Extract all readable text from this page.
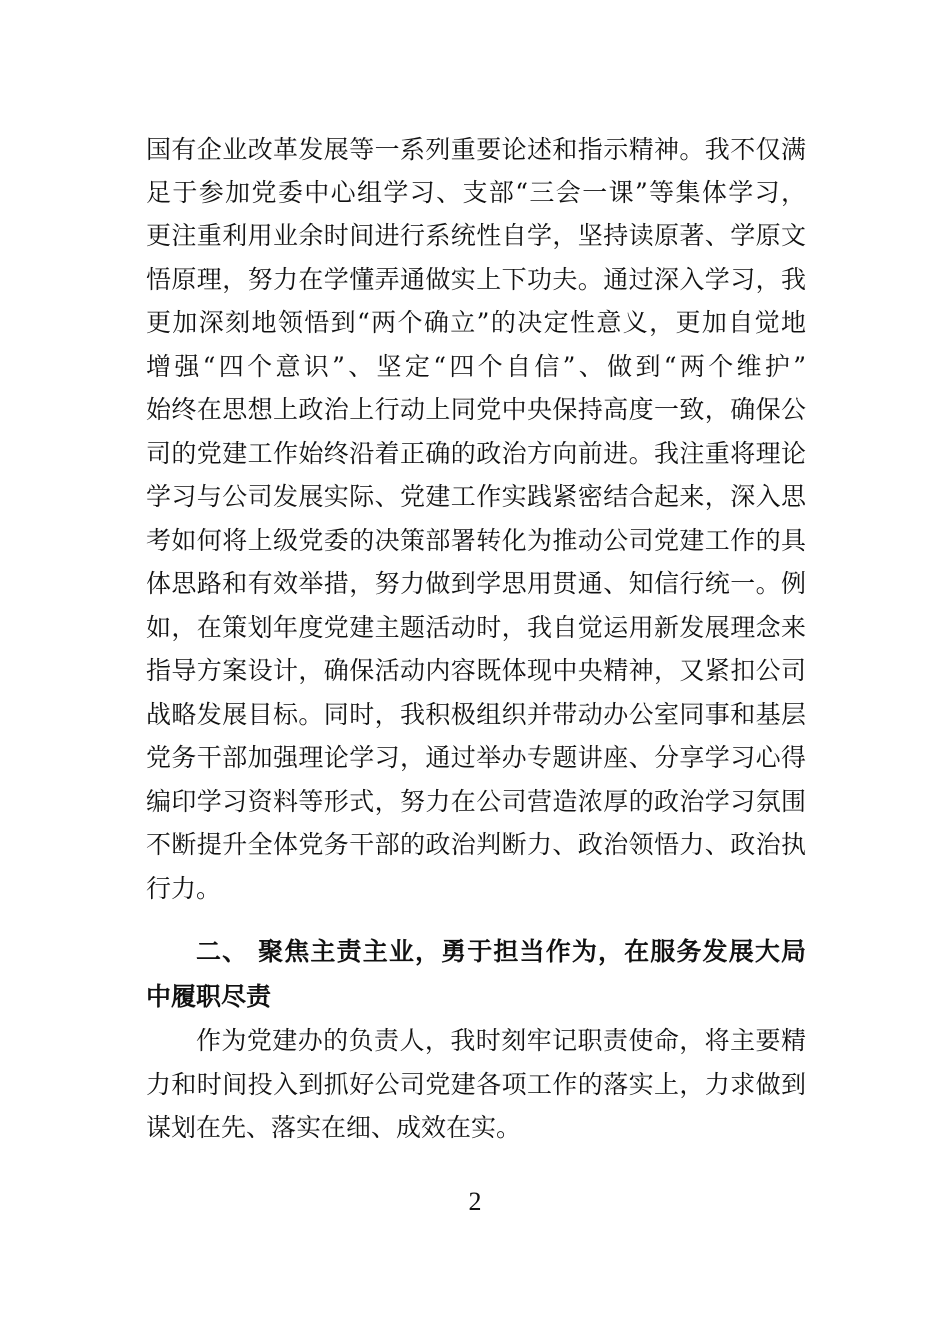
国有企业改革发展等一系列重要论述和指示精神。我不仅满
足于参加党委中心组学习、支部“三会一课”等集体学习，
更注重利用业余时间进行系统性自学，坚持读原著、学原文
悟原理，努力在学懂弄通做实上下功夫。通过深入学习，我
更加深刻地领悟到“两个确立”的决定性意义，更加自觉地
增强“四个意识”、坚定“四个自信”、做到“两个维护”
始终在思想上政治上行动上同党中央保持高度一致，确保公
司的党建工作始终沿着正确的政治方向前进。我注重将理论
学习与公司发展实际、党建工作实践紧密结合起来，深入思
考如何将上级党委的决策部署转化为推动公司党建工作的具
体思路和有效举措，努力做到学思用贯通、知信行统一。例
如，在策划年度党建主题活动时，我自觉运用新发展理念来
指导方案设计，确保活动内容既体现中央精神，又紧扣公司
战略发展目标。同时，我积极组织并带动办公室同事和基层
党务干部加强理论学习，通过举办专题讲座、分享学习心得
编印学习资料等形式，努力在公司营造浓厚的政治学习氛围
不断提升全体党务干部的政治判断力、政治领悟力、政治执
行力。
二、 聚焦主责主业，勇于担当作为，在服务发展大局
中履职尽责
作为党建办的负责人，我时刻牢记职责使命，将主要精
力和时间投入到抓好公司党建各项工作的落实上，力求做到
谋划在先、落实在细、成效在实。
2
